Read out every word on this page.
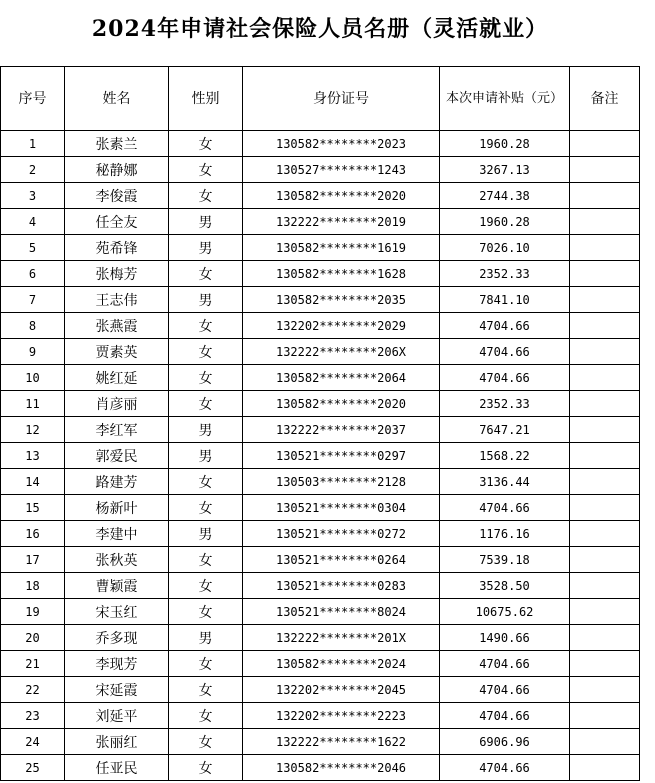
2024年申请社会保险人员名册（灵活就业）
序号	姓名	性别	身份证号	本次申请补贴（元）	备注
1	张素兰	女	130582********2023	1960.28	
2	秘静娜	女	130527********1243	3267.13	
3	李俊霞	女	130582********2020	2744.38	
4	任全友	男	132222********2019	1960.28	
5	苑希锋	男	130582********1619	7026.10	
6	张梅芳	女	130582********1628	2352.33	
7	王志伟	男	130582********2035	7841.10	
8	张燕霞	女	132202********2029	4704.66	
9	贾素英	女	132222********206X	4704.66	
10	姚红延	女	130582********2064	4704.66	
11	肖彦丽	女	130582********2020	2352.33	
12	李红军	男	132222********2037	7647.21	
13	郭爱民	男	130521********0297	1568.22	
14	路建芳	女	130503********2128	3136.44	
15	杨新叶	女	130521********0304	4704.66	
16	李建中	男	130521********0272	1176.16	
17	张秋英	女	130521********0264	7539.18	
18	曹颖霞	女	130521********0283	3528.50	
19	宋玉红	女	130521********8024	10675.62	
20	乔多现	男	132222********201X	1490.66	
21	李现芳	女	130582********2024	4704.66	
22	宋延霞	女	132202********2045	4704.66	
23	刘延平	女	132202********2223	4704.66	
24	张丽红	女	132222********1622	6906.96	
25	任亚民	女	130582********2046	4704.66	
